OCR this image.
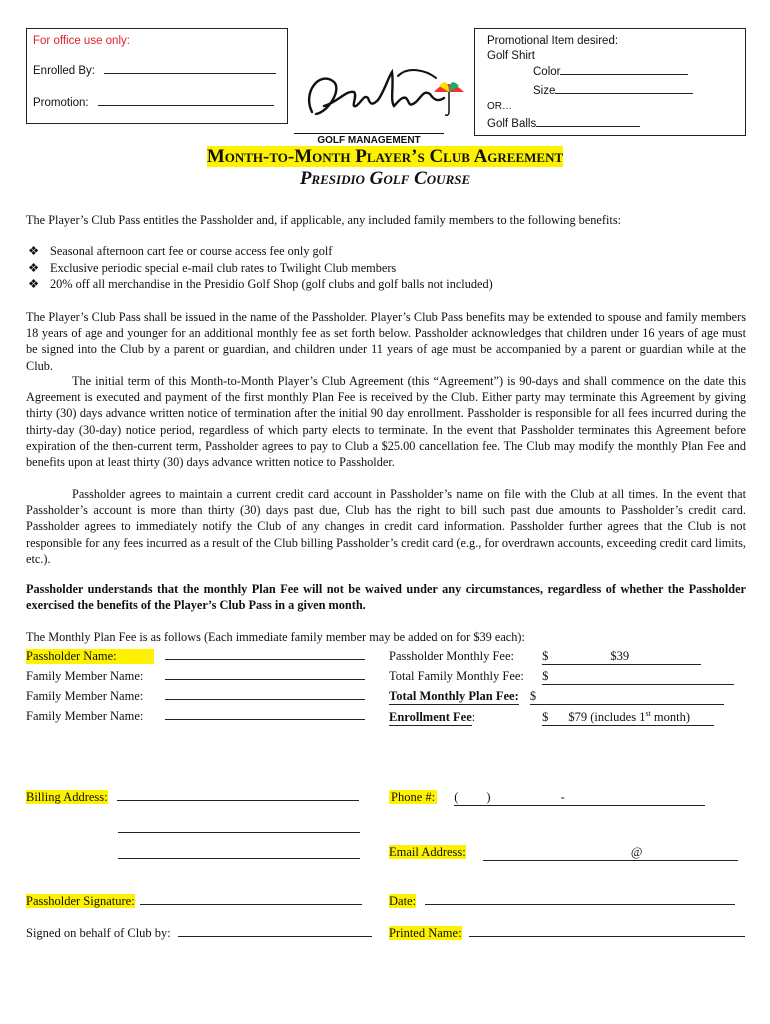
For office use only:
Enrolled By:
Promotion:
GOLF MANAGEMENT
Promotional Item desired:
Golf Shirt
Color
Size
OR…
Golf Balls
Month-to-Month Player’s Club Agreement
Presidio Golf Course
The Player’s Club Pass entitles the Passholder and, if applicable, any included family members to the following benefits:
❖ Seasonal afternoon cart fee or course access fee only golf
❖ Exclusive periodic special e-mail club rates to Twilight Club members
❖ 20% off all merchandise in the Presidio Golf Shop (golf clubs and golf balls not included)
The Player’s Club Pass shall be issued in the name of the Passholder. Player’s Club Pass benefits may be extended to spouse and family members 18 years of age and younger for an additional monthly fee as set forth below. Passholder acknowledges that children under 16 years of age must be signed into the Club by a parent or guardian, and children under 11 years of age must be accompanied by a parent or guardian while at the Club.
The initial term of this Month-to-Month Player’s Club Agreement (this “Agreement”) is 90-days and shall commence on the date this Agreement is executed and payment of the first monthly Plan Fee is received by the Club. Either party may terminate this Agreement by giving thirty (30) days advance written notice of termination after the initial 90 day enrollment. Passholder is responsible for all fees incurred during the thirty-day (30-day) notice period, regardless of which party elects to terminate. In the event that Passholder terminates this Agreement before expiration of the then-current term, Passholder agrees to pay to Club a $25.00 cancellation fee. The Club may modify the monthly Plan Fee and benefits upon at least thirty (30) days advance written notice to Passholder.
Passholder agrees to maintain a current credit card account in Passholder’s name on file with the Club at all times. In the event that Passholder’s account is more than thirty (30) days past due, Club has the right to bill such past due amounts to Passholder’s credit card. Passholder agrees to immediately notify the Club of any changes in credit card information. Passholder further agrees that the Club is not responsible for any fees incurred as a result of the Club billing Passholder’s credit card (e.g., for overdrawn accounts, exceeding credit card limits, etc.).
Passholder understands that the monthly Plan Fee will not be waived under any circumstances, regardless of whether the Passholder exercised the benefits of the Player’s Club Pass in a given month.
The Monthly Plan Fee is as follows (Each immediate family member may be added on for $39 each):
Passholder Name:
Family Member Name:
Family Member Name:
Family Member Name:
Passholder Monthly Fee: $	$39
Total Family Monthly Fee: $
Total Monthly Plan Fee: $
Enrollment Fee:	$ $79 (includes 1st month)
Billing Address:	Phone #: ( )	-
Email Address:	@
Passholder Signature:	Date:
Signed on behalf of Club by:	Printed Name:
